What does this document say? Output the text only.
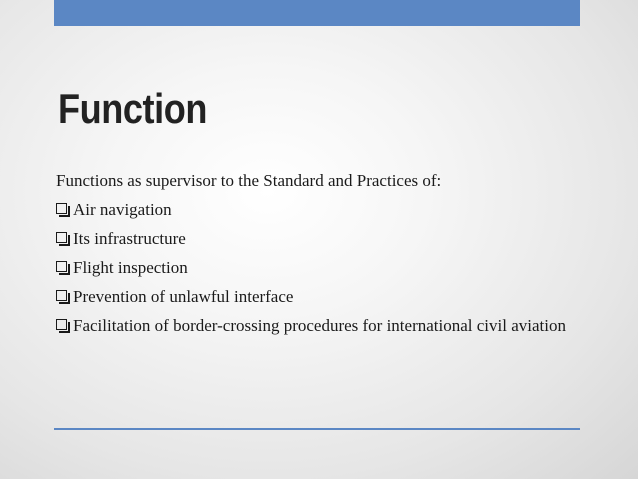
Function

Functions as supervisor to the Standard and Practices of:

Air navigation
Its infrastructure
Flight inspection
Prevention of unlawful interface
Facilitation of border-crossing procedures for international civil aviation
